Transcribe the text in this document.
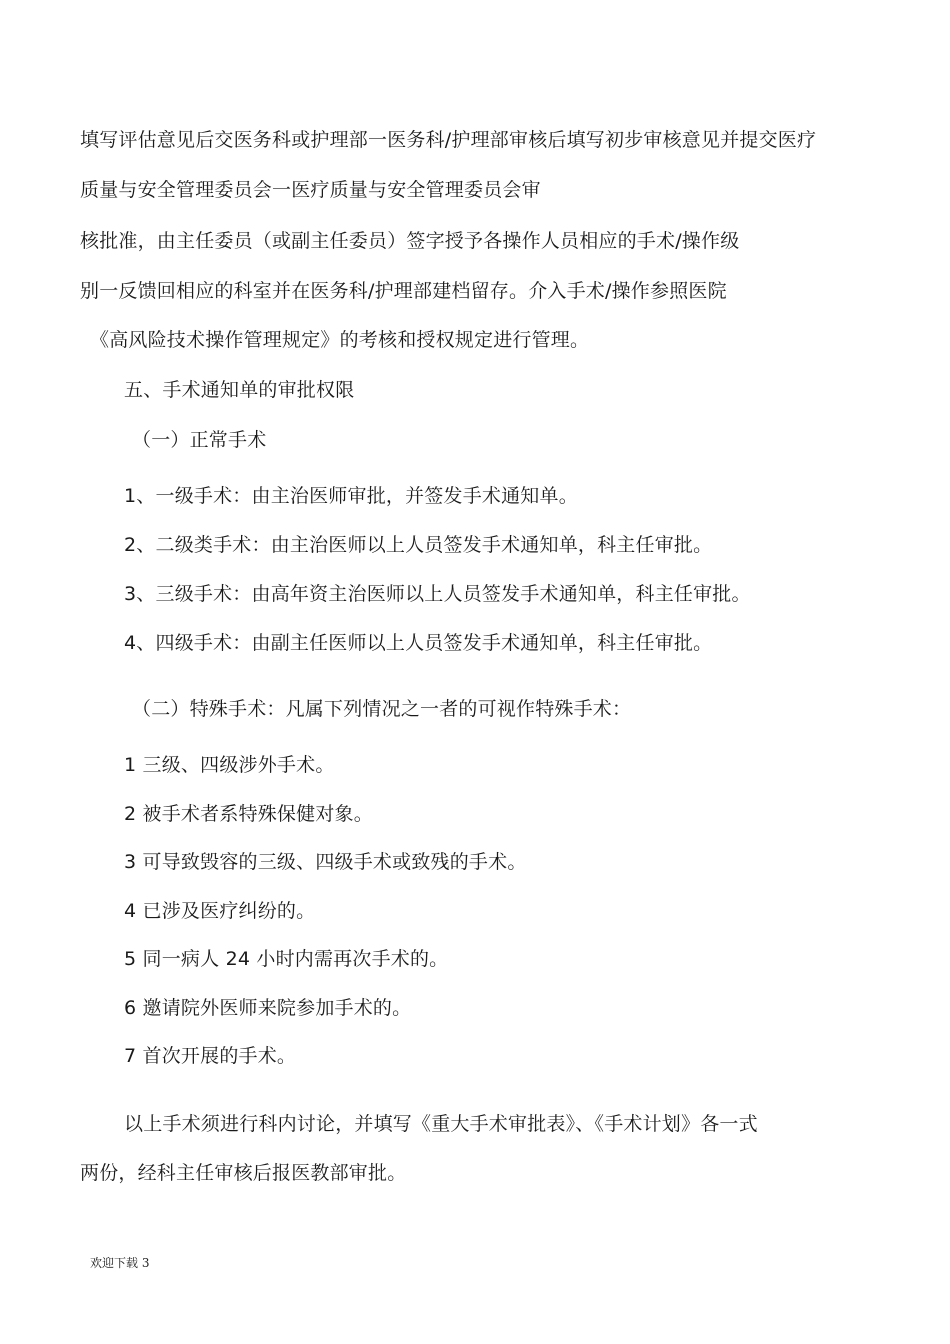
填写评估意见后交医务科或护理部一医务科/护理部审核后填写初步审核意见并提交医疗
质量与安全管理委员会一医疗质量与安全管理委员会审
核批准，由主任委员（或副主任委员）签字授予各操作人员相应的手术/操作级
别一反馈回相应的科室并在医务科/护理部建档留存。介入手术/操作参照医院
《高风险技术操作管理规定》的考核和授权规定进行管理。
五、手术通知单的审批权限
（一）正常手术
1、一级手术：由主治医师审批，并签发手术通知单。
2、二级类手术：由主治医师以上人员签发手术通知单，科主任审批。
3、三级手术：由高年资主治医师以上人员签发手术通知单，科主任审批。
4、四级手术：由副主任医师以上人员签发手术通知单，科主任审批。
（二）特殊手术：凡属下列情况之一者的可视作特殊手术：
1 三级、四级涉外手术。
2 被手术者系特殊保健对象。
3 可导致毁容的三级、四级手术或致残的手术。
4 已涉及医疗纠纷的。
5 同一病人 24 小时内需再次手术的。
6 邀请院外医师来院参加手术的。
7 首次开展的手术。
以上手术须进行科内讨论，并填写《重大手术审批表》、《手术计划》各一式
两份，经科主任审核后报医教部审批。
欢迎下载 3
